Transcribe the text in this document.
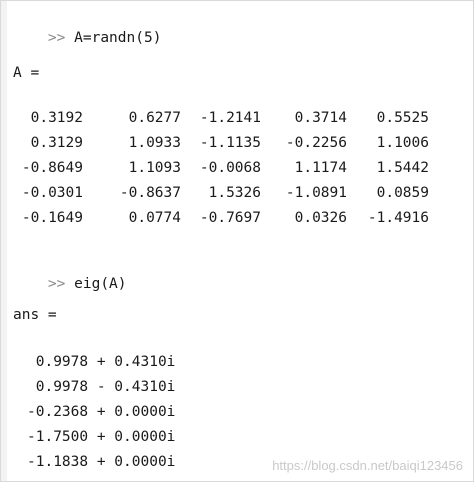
>> A=randn(5)

A =
0.3192	0.6277	-1.2141	0.3714	0.5525
0.3129	1.0933	-1.1135	-0.2256	1.1006
-0.8649	1.1093	-0.0068	1.1174	1.5442
-0.0301	-0.8637	1.5326	-1.0891	0.0859
-0.1649	0.0774	-0.7697	0.0326	-1.4916

>> eig(A)

ans =
0.9978 + 0.4310i
0.9978 - 0.4310i
-0.2368 + 0.0000i
-1.7500 + 0.0000i
-1.1838 + 0.0000i	https://blog.csdn.net/baiqi123456
